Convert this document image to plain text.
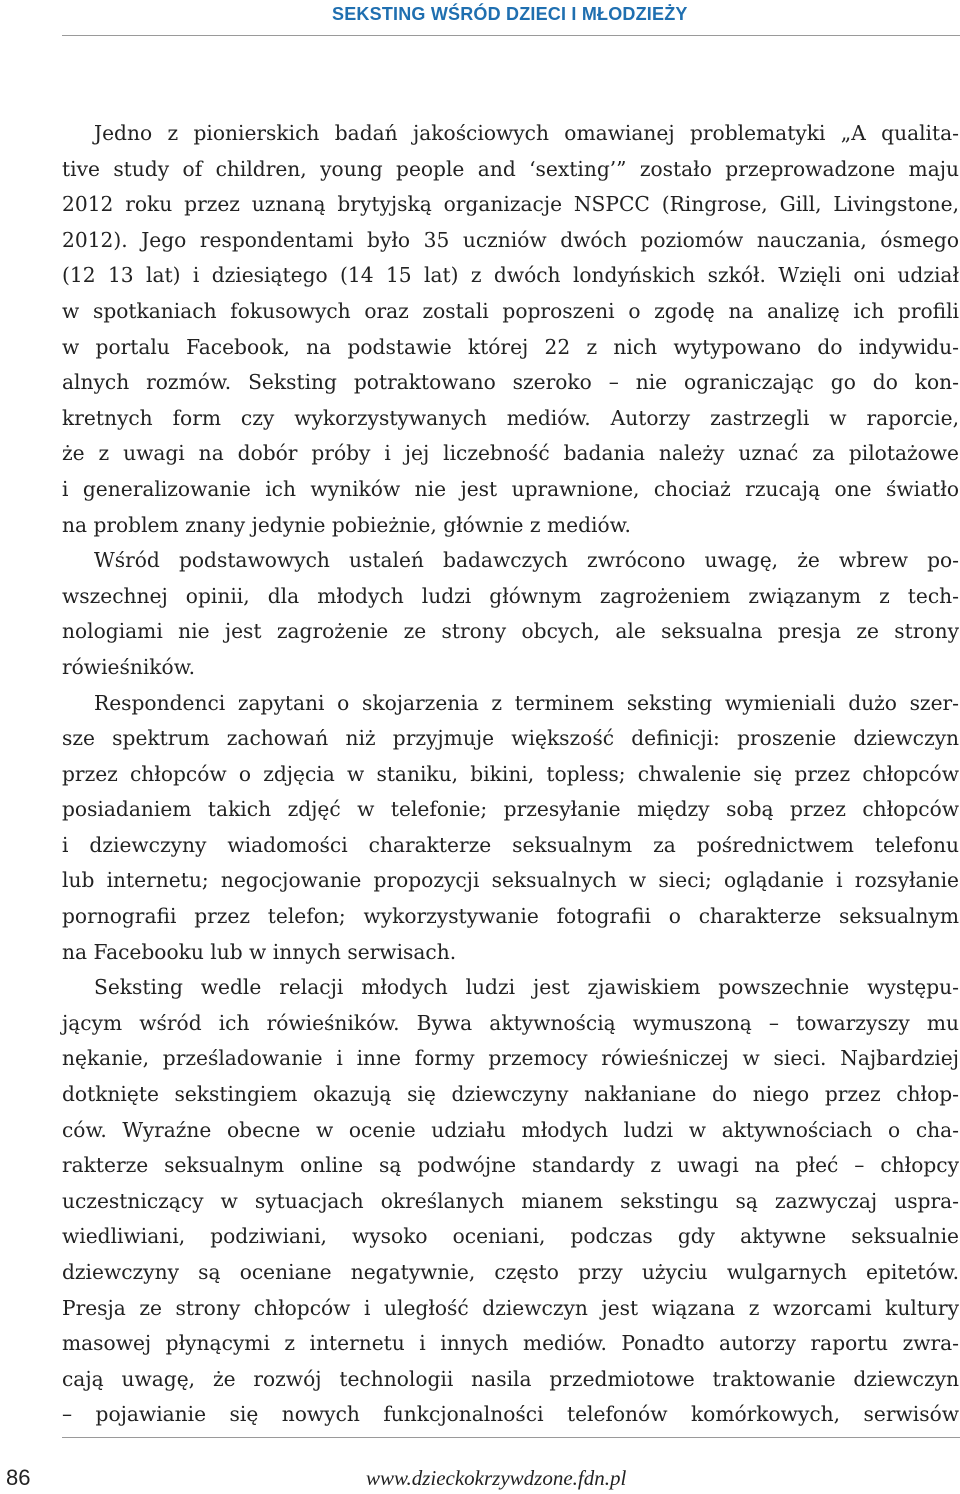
SEKSTING WŚRÓD DZIECI I MŁODZIEŻY
Jedno z pionierskich badań jakościowych omawianej problematyki „A qualita-
tive study of children, young people and ‘sexting’” zostało przeprowadzone maju
2012 roku przez uznaną brytyjską organizacje NSPCC (Ringrose, Gill, Livingstone,
2012). Jego respondentami było 35 uczniów dwóch poziomów nauczania, ósmego
(12 13 lat) i dziesiątego (14 15 lat) z dwóch londyńskich szkół. Wzięli oni udział
w spotkaniach fokusowych oraz zostali poproszeni o zgodę na analizę ich profili
w portalu Facebook, na podstawie której 22 z nich wytypowano do indywidu-
alnych rozmów. Seksting potraktowano szeroko – nie ograniczając go do kon-
kretnych form czy wykorzystywanych mediów. Autorzy zastrzegli w raporcie,
że z uwagi na dobór próby i jej liczebność badania należy uznać za pilotażowe
i generalizowanie ich wyników nie jest uprawnione, chociaż rzucają one światło
na problem znany jedynie pobieżnie, głównie z mediów.
Wśród podstawowych ustaleń badawczych zwrócono uwagę, że wbrew po-
wszechnej opinii, dla młodych ludzi głównym zagrożeniem związanym z tech-
nologiami nie jest zagrożenie ze strony obcych, ale seksualna presja ze strony
rówieśników.
Respondenci zapytani o skojarzenia z terminem seksting wymieniali dużo szer-
sze spektrum zachowań niż przyjmuje większość definicji: proszenie dziewczyn
przez chłopców o zdjęcia w staniku, bikini, topless; chwalenie się przez chłopców
posiadaniem takich zdjęć w telefonie; przesyłanie między sobą przez chłopców
i dziewczyny wiadomości charakterze seksualnym za pośrednictwem telefonu
lub internetu; negocjowanie propozycji seksualnych w sieci; oglądanie i rozsyłanie
pornografii przez telefon; wykorzystywanie fotografii o charakterze seksualnym
na Facebooku lub w innych serwisach.
Seksting wedle relacji młodych ludzi jest zjawiskiem powszechnie występu-
jącym wśród ich rówieśników. Bywa aktywnością wymuszoną – towarzyszy mu
nękanie, prześladowanie i inne formy przemocy rówieśniczej w sieci. Najbardziej
dotknięte sekstingiem okazują się dziewczyny nakłaniane do niego przez chłop-
ców. Wyraźne obecne w ocenie udziału młodych ludzi w aktywnościach o cha-
rakterze seksualnym online są podwójne standardy z uwagi na płeć – chłopcy
uczestniczący w sytuacjach określanych mianem sekstingu są zazwyczaj uspra-
wiedliwiani, podziwiani, wysoko oceniani, podczas gdy aktywne seksualnie
dziewczyny są oceniane negatywnie, często przy użyciu wulgarnych epitetów.
Presja ze strony chłopców i uległość dziewczyn jest wiązana z wzorcami kultury
masowej płynącymi z internetu i innych mediów. Ponadto autorzy raportu zwra-
cają uwagę, że rozwój technologii nasila przedmiotowe traktowanie dziewczyn
– pojawianie się nowych funkcjonalności telefonów komórkowych, serwisów
86	www.dzieckokrzywdzone.fdn.pl
